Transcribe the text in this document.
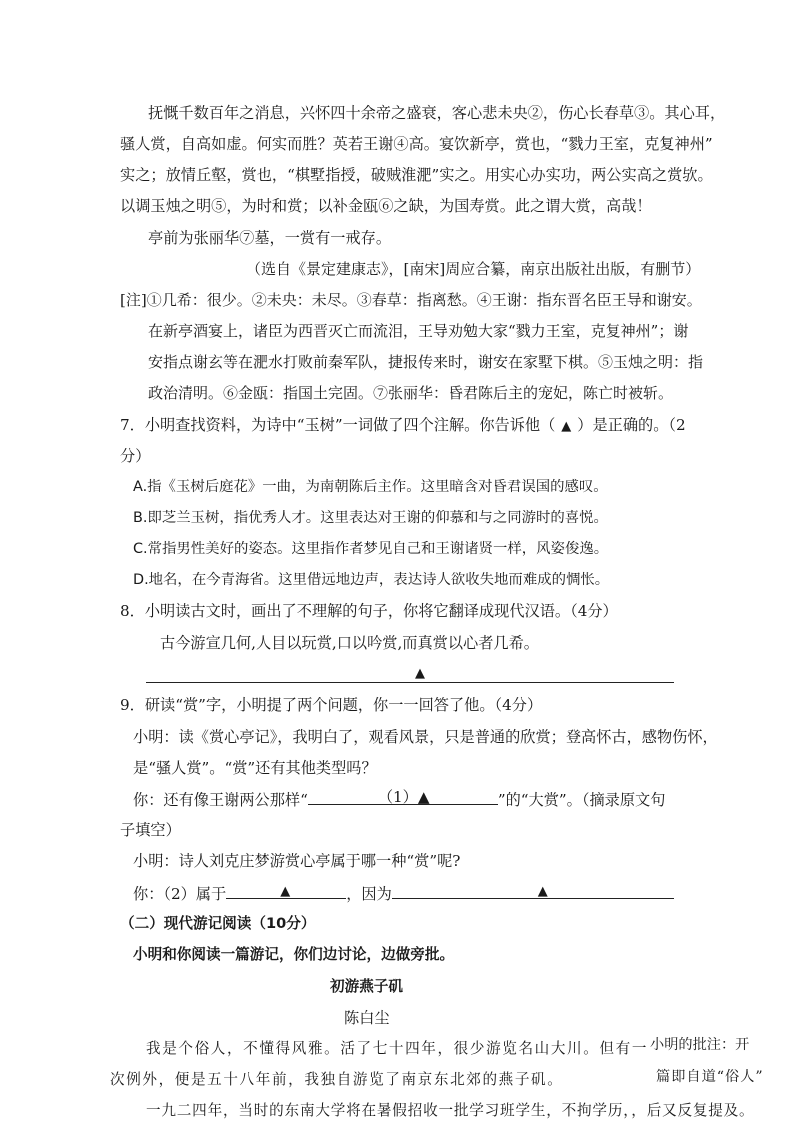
抚慨千数百年之消息，兴怀四十余帝之盛衰，客心悲未央②，伤心长春草③。其心耳，

骚人赏，自高如虚。何实而胜？英若王谢④高。宴饮新亭，赏也，“戮力王室，克复神州”

实之；放情丘壑，赏也，“棋墅指授，破贼淮淝”实之。用实心办实功，两公实高之赏欤。

以调玉烛之明⑤，为时和赏；以补金瓯⑥之缺，为国寿赏。此之谓大赏，高哉！

亭前为张丽华⑦墓，一赏有一戒存。

（选自《景定建康志》，[南宋]周应合纂，南京出版社出版，有删节）

[注]①几希：很少。②未央：未尽。③春草：指离愁。④王谢：指东晋名臣王导和谢安。

在新亭酒宴上，诸臣为西晋灭亡而流泪，王导劝勉大家“戮力王室，克复神州”；谢

安指点谢玄等在淝水打败前秦军队，捷报传来时，谢安在家墅下棋。⑤玉烛之明：指

政治清明。⑥金瓯：指国土完固。⑦张丽华：昏君陈后主的宠妃，陈亡时被斩。

7．小明查找资料，为诗中“玉树”一词做了四个注解。你告诉他（ ▲ ）是正确的。（2

分）

A.指《玉树后庭花》一曲，为南朝陈后主作。这里暗含对昏君误国的感叹。

B.即芝兰玉树，指优秀人才。这里表达对王谢的仰慕和与之同游时的喜悦。

C.常指男性美好的姿态。这里指作者梦见自己和王谢诸贤一样，风姿俊逸。

D.地名，在今青海省。这里借远地边声，表达诗人欲收失地而难成的惆怅。

8．小明读古文时，画出了不理解的句子，你将它翻译成现代汉语。（4分）

古今游宣几何,人目以玩赏,口以吟赏,而真赏以心者几希。

▲

9．研读“赏”字，小明提了两个问题，你一一回答了他。（4分）

小明：读《赏心亭记》，我明白了，观看风景，只是普通的欣赏；登高怀古，感物伤怀，

是“骚人赏”。“赏”还有其他类型吗？

你：还有像王谢两公那样“	（1）▲	”的“大赏”。（摘录原文句

子填空）

小明：诗人刘克庄梦游赏心亭属于哪一种“赏”呢?

你：（2）属于	▲	，因为	▲

（二）现代游记阅读（10分）

小明和你阅读一篇游记，你们边讨论，边做旁批。

初游燕子矶

陈白尘

我是个俗人，不懂得风雅。活了七十四年，很少游览名山大川。但有一

次例外，便是五十八年前，我独自游览了南京东北郊的燕子矶。

一九二四年，当时的东南大学将在暑假招收一批学习班学生，不拘学历，，后又反复提及。

小明的批注：开

篇即自道“俗人”
